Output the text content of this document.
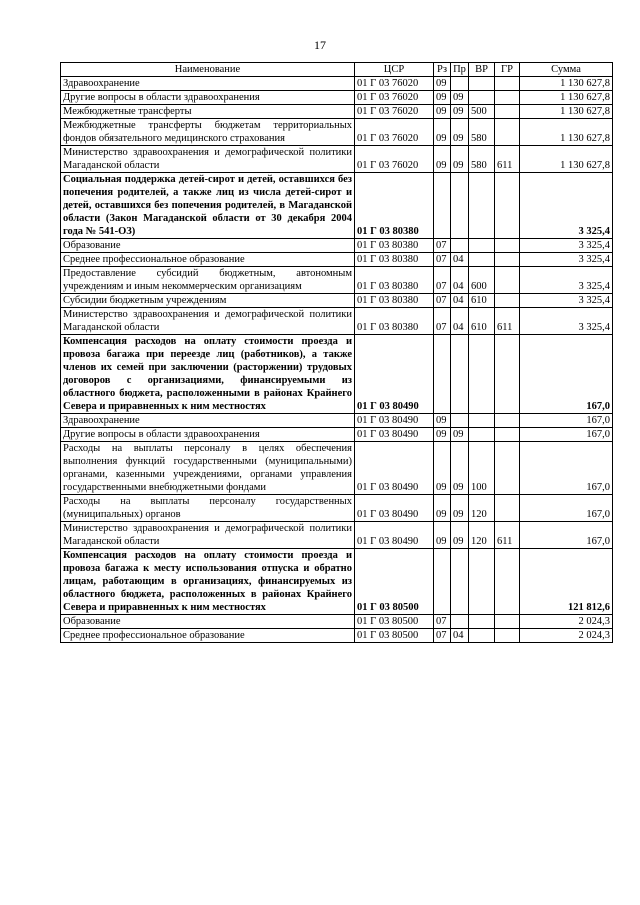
17
Наименование	ЦСР	Рз	Пр	ВР	ГР	Сумма
Здравоохранение	01 Г 03 76020	09				1 130 627,8
Другие вопросы в области здравоохранения	01 Г 03 76020	09	09			1 130 627,8
Межбюджетные трансферты	01 Г 03 76020	09	09	500		1 130 627,8
Межбюджетные трансферты бюджетам территориальных фондов обязательного медицинского страхования	01 Г 03 76020	09	09	580		1 130 627,8
Министерство здравоохранения и демографической политики Магаданской области	01 Г 03 76020	09	09	580	611	1 130 627,8
Социальная поддержка детей-сирот и детей, оставшихся без попечения родителей, а также лиц из числа детей-сирот и детей, оставшихся без попечения родителей, в Магаданской области (Закон Магаданской области от 30 декабря 2004 года № 541-ОЗ)	01 Г 03 80380					3 325,4
Образование	01 Г 03 80380	07				3 325,4
Среднее профессиональное образование	01 Г 03 80380	07	04			3 325,4
Предоставление субсидий бюджетным, автономным учреждениям и иным некоммерческим организациям	01 Г 03 80380	07	04	600		3 325,4
Субсидии бюджетным учреждениям	01 Г 03 80380	07	04	610		3 325,4
Министерство здравоохранения и демографической политики Магаданской области	01 Г 03 80380	07	04	610	611	3 325,4
Компенсация расходов на оплату стоимости проезда и провоза багажа при переезде лиц (работников), а также членов их семей при заключении (расторжении) трудовых договоров с организациями, финансируемыми из областного бюджета, расположенными в районах Крайнего Севера и приравненных к ним местностях	01 Г 03 80490					167,0
Здравоохранение	01 Г 03 80490	09				167,0
Другие вопросы в области здравоохранения	01 Г 03 80490	09	09			167,0
Расходы на выплаты персоналу в целях обеспечения выполнения функций государственными (муниципальными) органами, казенными учреждениями, органами управления государственными внебюджетными фондами	01 Г 03 80490	09	09	100		167,0
Расходы на выплаты персоналу государственных (муниципальных) органов	01 Г 03 80490	09	09	120		167,0
Министерство здравоохранения и демографической политики Магаданской области	01 Г 03 80490	09	09	120	611	167,0
Компенсация расходов на оплату стоимости проезда и провоза багажа к месту использования отпуска и обратно лицам, работающим в организациях, финансируемых из областного бюджета, расположенных в районах Крайнего Севера и приравненных к ним местностях	01 Г 03 80500					121 812,6
Образование	01 Г 03 80500	07				2 024,3
Среднее профессиональное образование	01 Г 03 80500	07	04			2 024,3
